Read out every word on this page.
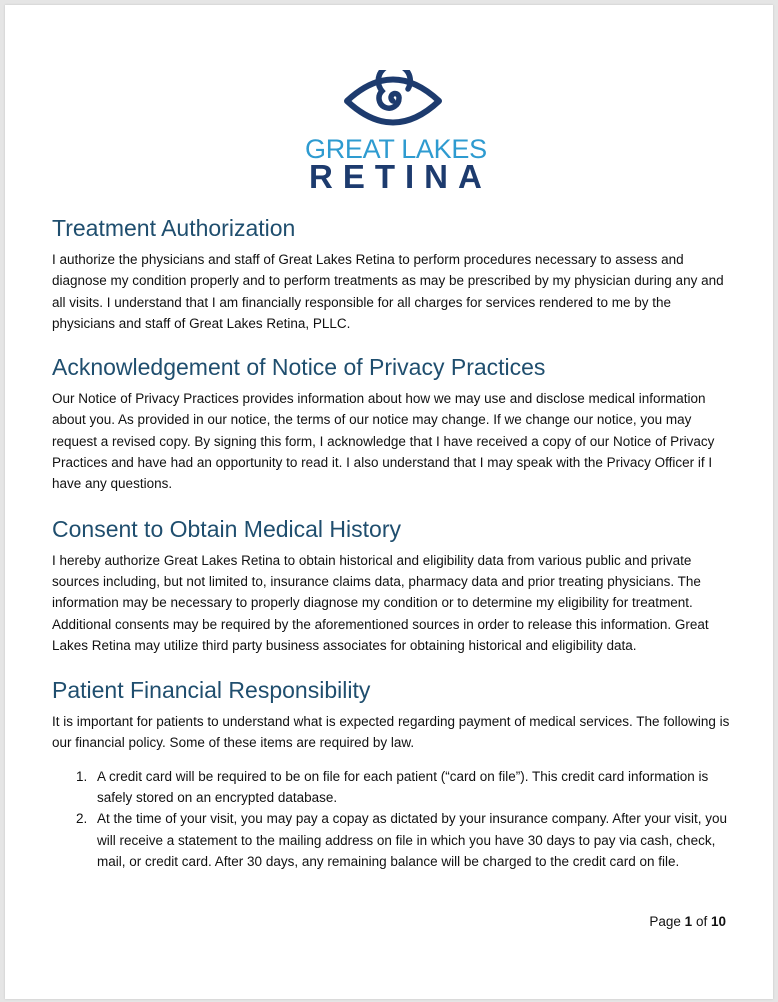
GREAT LAKES
RETINA
Treatment Authorization

I authorize the physicians and staff of Great Lakes Retina to perform procedures necessary to assess and diagnose my condition properly and to perform treatments as may be prescribed by my physician during any and all visits. I understand that I am financially responsible for all charges for services rendered to me by the physicians and staff of Great Lakes Retina, PLLC.

Acknowledgement of Notice of Privacy Practices

Our Notice of Privacy Practices provides information about how we may use and disclose medical information about you. As provided in our notice, the terms of our notice may change. If we change our notice, you may request a revised copy. By signing this form, I acknowledge that I have received a copy of our Notice of Privacy Practices and have had an opportunity to read it. I also understand that I may speak with the Privacy Officer if I have any questions.

Consent to Obtain Medical History

I hereby authorize Great Lakes Retina to obtain historical and eligibility data from various public and private sources including, but not limited to, insurance claims data, pharmacy data and prior treating physicians. The information may be necessary to properly diagnose my condition or to determine my eligibility for treatment. Additional consents may be required by the aforementioned sources in order to release this information. Great Lakes Retina may utilize third party business associates for obtaining historical and eligibility data.

Patient Financial Responsibility

It is important for patients to understand what is expected regarding payment of medical services. The following is our financial policy. Some of these items are required by law.

1. A credit card will be required to be on file for each patient (“card on file”). This credit card information is safely stored on an encrypted database.
2. At the time of your visit, you may pay a copay as dictated by your insurance company. After your visit, you will receive a statement to the mailing address on file in which you have 30 days to pay via cash, check, mail, or credit card. After 30 days, any remaining balance will be charged to the credit card on file.
Page 1 of 10
